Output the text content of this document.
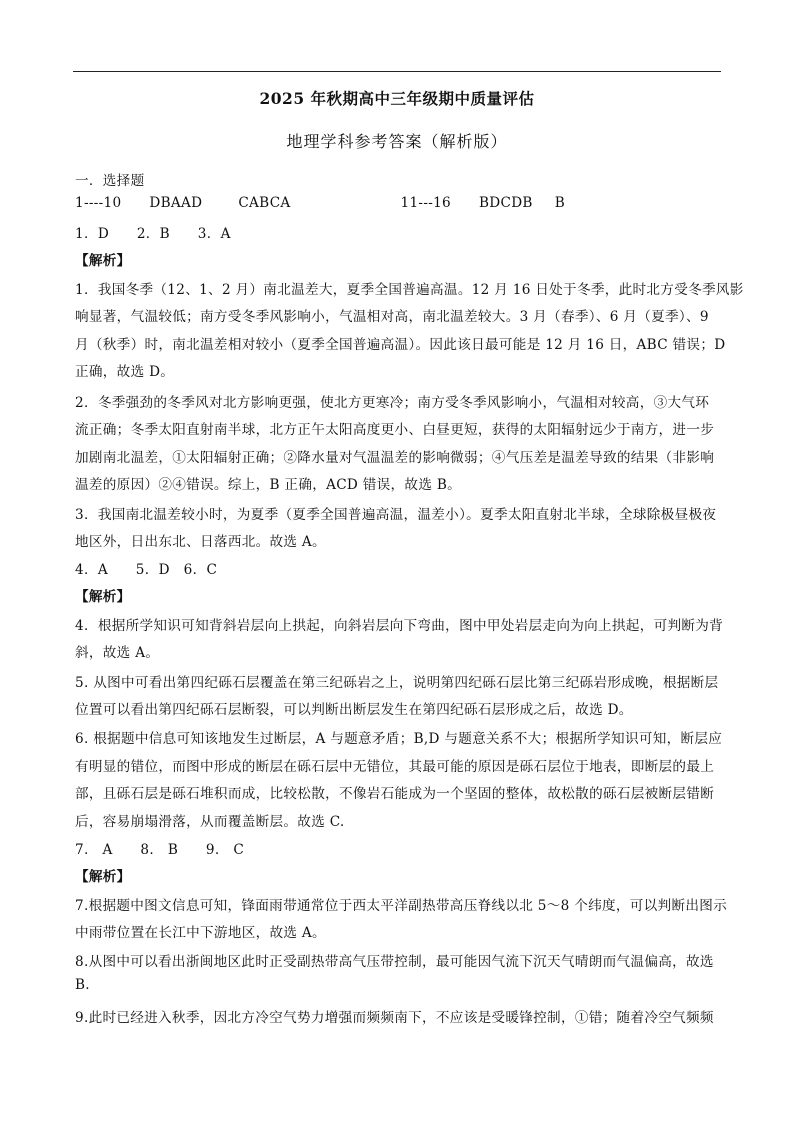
2025 年秋期高中三年级期中质量评估
地理学科参考答案（解析版）
一．选择题
1----10 DBAAD	CABCA	11---16 BDCDB B
1．D　　2．B　　3．A
【解析】
1．我国冬季（12、1、2 月）南北温差大，夏季全国普遍高温。12 月 16 日处于冬季，此时北方受冬季风影
响显著，气温较低；南方受冬季风影响小，气温相对高，南北温差较大。3 月（春季）、6 月（夏季）、9
月（秋季）时，南北温差相对较小（夏季全国普遍高温）。因此该日最可能是 12 月 16 日，ABC 错误；D
正确，故选 D。
2．冬季强劲的冬季风对北方影响更强，使北方更寒冷；南方受冬季风影响小，气温相对较高，③大气环
流正确；冬季太阳直射南半球，北方正午太阳高度更小、白昼更短，获得的太阳辐射远少于南方，进一步
加剧南北温差，①太阳辐射正确；②降水量对气温温差的影响微弱；④气压差是温差导致的结果（非影响
温差的原因）②④错误。综上，B 正确，ACD 错误，故选 B。
3．我国南北温差较小时，为夏季（夏季全国普遍高温，温差小）。夏季太阳直射北半球，全球除极昼极夜
地区外，日出东北、日落西北。故选 A。
4．A　　5．D　6．C
【解析】
4．根据所学知识可知背斜岩层向上拱起，向斜岩层向下弯曲，图中甲处岩层走向为向上拱起，可判断为背
斜，故选 A。
5. 从图中可看出第四纪砾石层覆盖在第三纪砾岩之上，说明第四纪砾石层比第三纪砾岩形成晚，根据断层
位置可以看出第四纪砾石层断裂，可以判断出断层发生在第四纪砾石层形成之后，故选 D。
6. 根据题中信息可知该地发生过断层，A 与题意矛盾；B,D 与题意关系不大；根据所学知识可知，断层应
有明显的错位，而图中形成的断层在砾石层中无错位，其最可能的原因是砾石层位于地表，即断层的最上
部，且砾石层是砾石堆积而成，比较松散，不像岩石能成为一个坚固的整体，故松散的砾石层被断层错断
后，容易崩塌滑落，从而覆盖断层。故选 C.
7.　A　　8.　B　　9.　C
【解析】
7.根据题中图文信息可知，锋面雨带通常位于西太平洋副热带高压脊线以北 5～8 个纬度，可以判断出图示
中雨带位置在长江中下游地区，故选 A。
8.从图中可以看出浙闽地区此时正受副热带高气压带控制，最可能因气流下沉天气晴朗而气温偏高，故选
B.
9.此时已经进入秋季，因北方冷空气势力增强而频频南下，不应该是受暖锋控制，①错；随着冷空气频频
